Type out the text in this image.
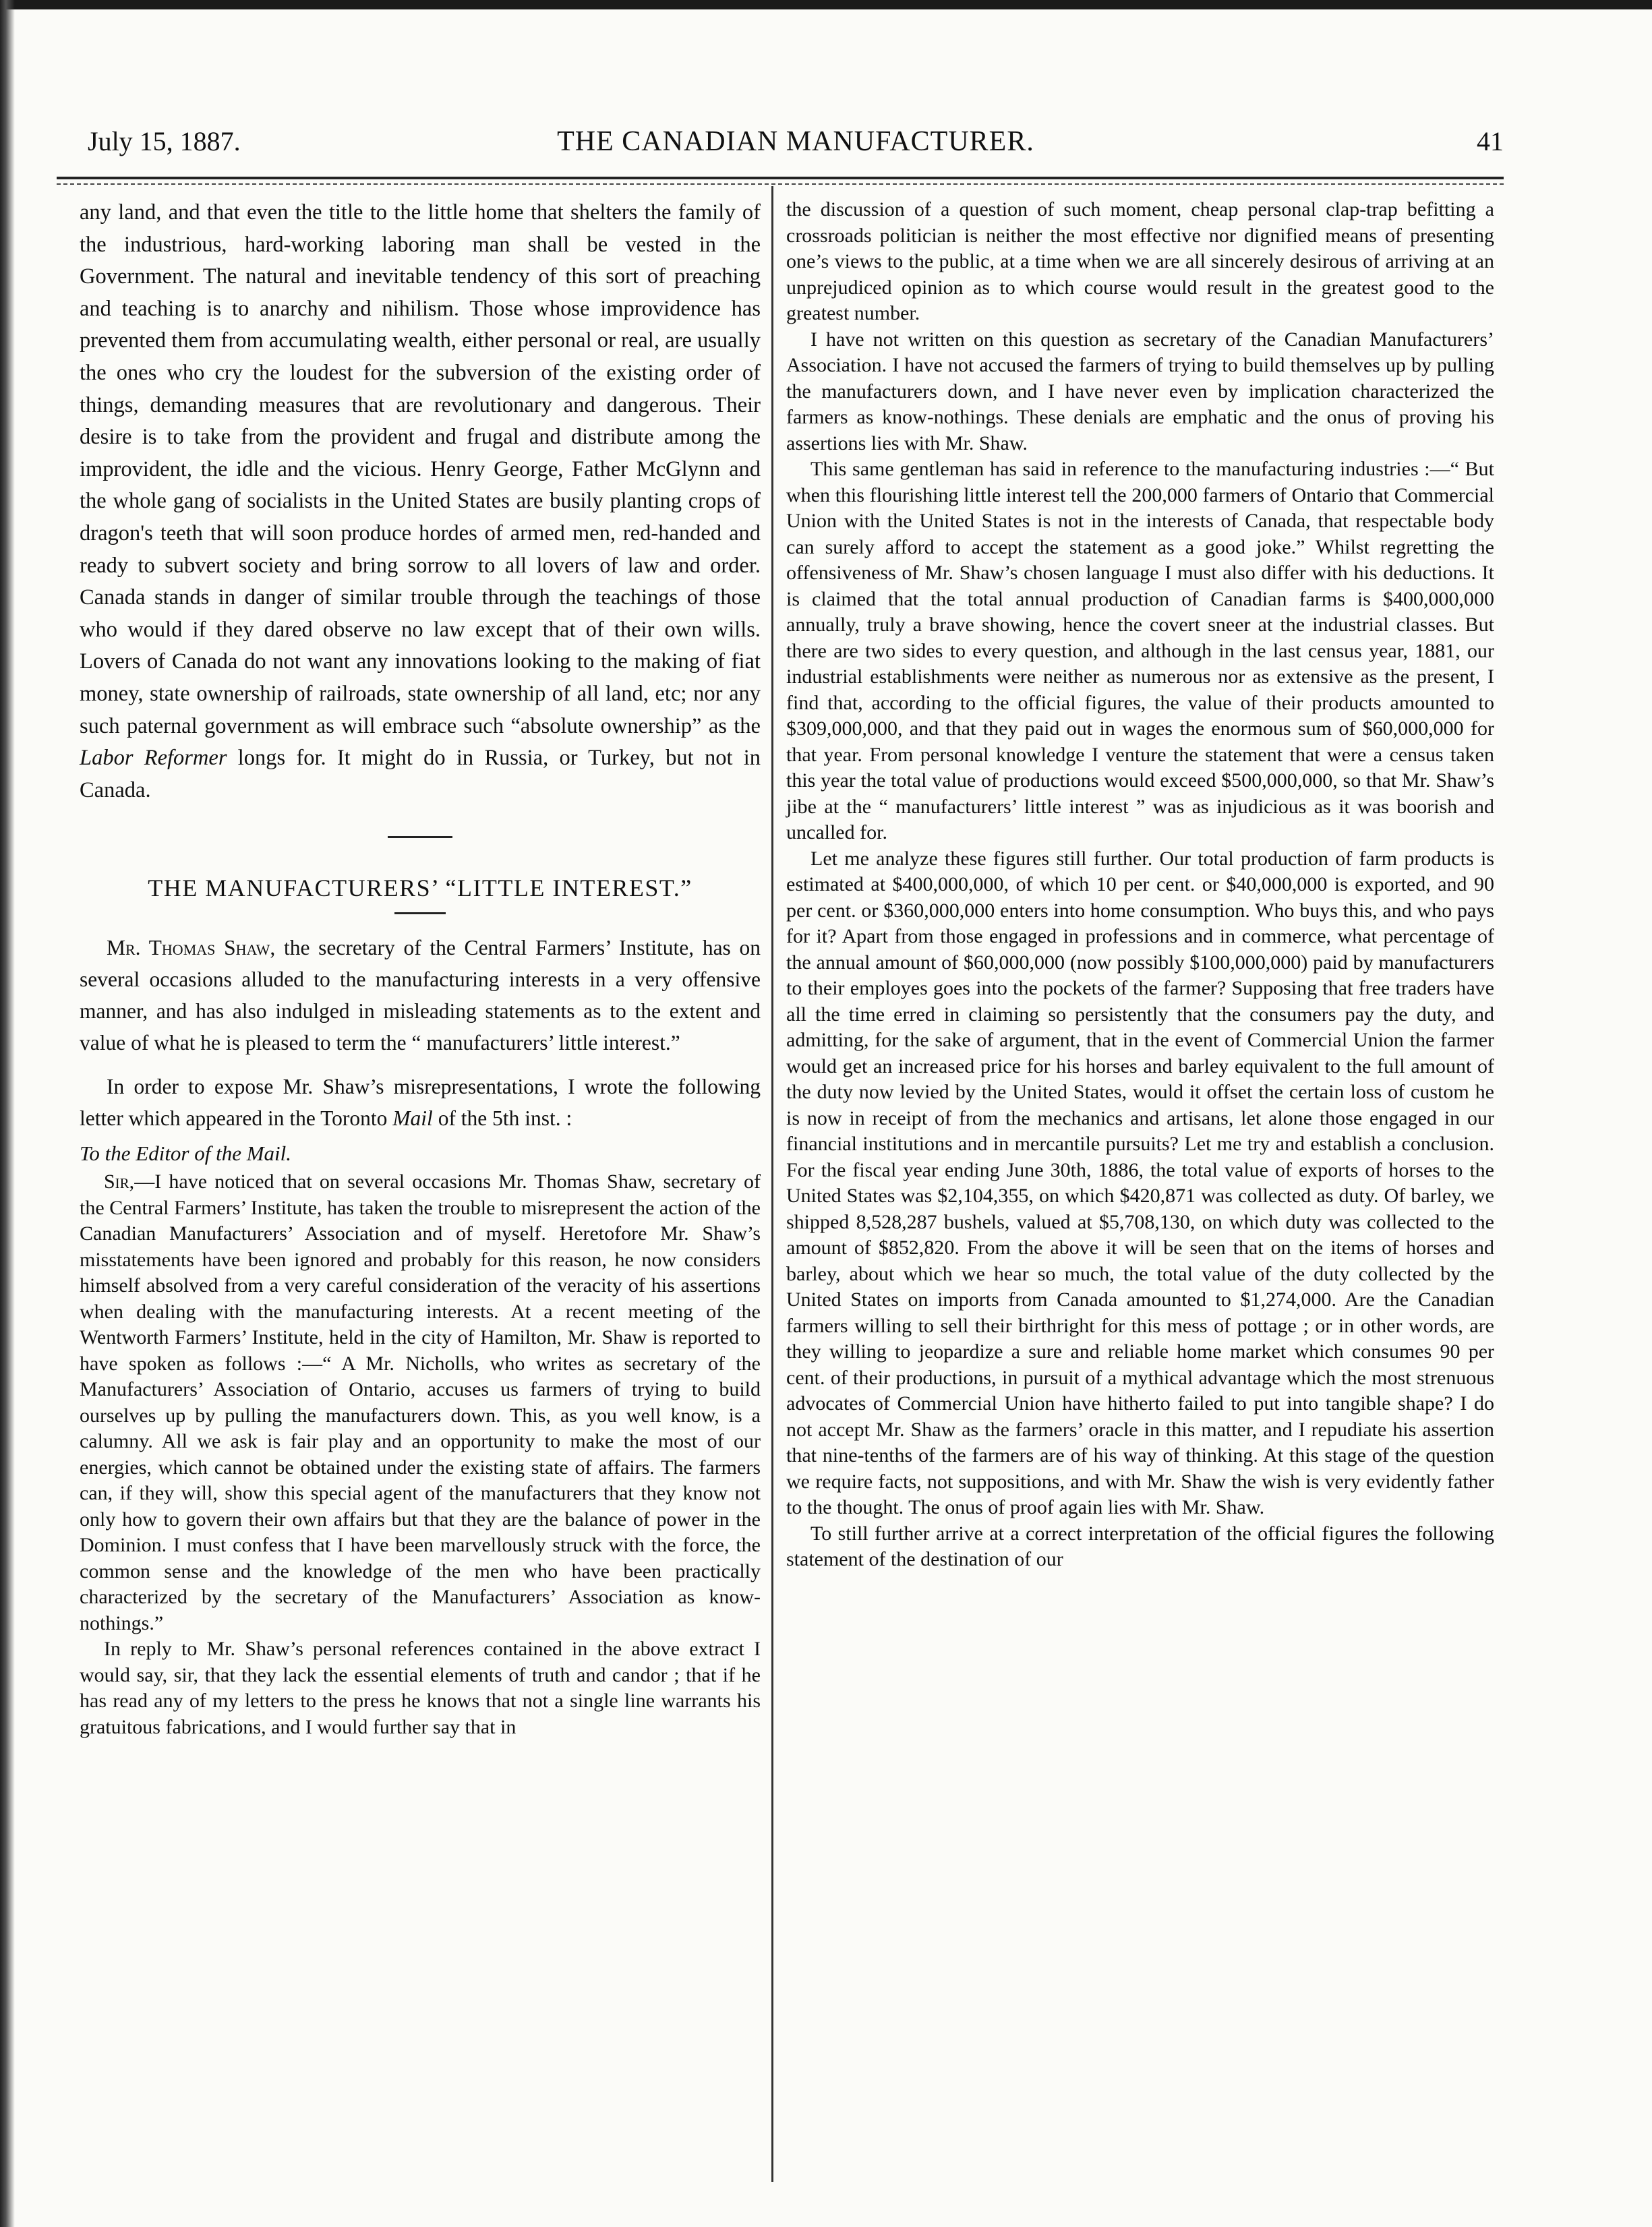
July 15, 1887.	THE CANADIAN MANUFACTURER.	41

any land, and that even the title to the little home that shelters the family of the industrious, hard-working laboring man shall be vested in the Government. The natural and inevitable tendency of this sort of preaching and teaching is to anarchy and nihilism. Those whose improvidence has prevented them from accumulating wealth, either personal or real, are usually the ones who cry the loudest for the subversion of the existing order of things, demanding measures that are revolutionary and dangerous. Their desire is to take from the provident and frugal and distribute among the improvident, the idle and the vicious. Henry George, Father McGlynn and the whole gang of socialists in the United States are busily planting crops of dragon's teeth that will soon produce hordes of armed men, red-handed and ready to subvert society and bring sorrow to all lovers of law and order. Canada stands in danger of similar trouble through the teachings of those who would if they dared observe no law except that of their own wills. Lovers of Canada do not want any innovations looking to the making of fiat money, state ownership of railroads, state ownership of all land, etc; nor any such paternal government as will embrace such “absolute ownership” as the Labor Reformer longs for. It might do in Russia, or Turkey, but not in Canada.

THE MANUFACTURERS’ “LITTLE INTEREST.”

Mr. Thomas Shaw, the secretary of the Central Farmers’ Institute, has on several occasions alluded to the manufacturing interests in a very offensive manner, and has also indulged in misleading statements as to the extent and value of what he is pleased to term the “ manufacturers’ little interest.”

In order to expose Mr. Shaw’s misrepresentations, I wrote the following letter which appeared in the Toronto Mail of the 5th inst. :

To the Editor of the Mail.

Sir,—I have noticed that on several occasions Mr. Thomas Shaw, secretary of the Central Farmers’ Institute, has taken the trouble to misrepresent the action of the Canadian Manufacturers’ Association and of myself. Heretofore Mr. Shaw’s misstatements have been ignored and probably for this reason, he now considers himself absolved from a very careful consideration of the veracity of his assertions when dealing with the manufacturing interests. At a recent meeting of the Wentworth Farmers’ Institute, held in the city of Hamilton, Mr. Shaw is reported to have spoken as follows :—“ A Mr. Nicholls, who writes as secretary of the Manufacturers’ Association of Ontario, accuses us farmers of trying to build ourselves up by pulling the manufacturers down. This, as you well know, is a calumny. All we ask is fair play and an opportunity to make the most of our energies, which cannot be obtained under the existing state of affairs. The farmers can, if they will, show this special agent of the manufacturers that they know not only how to govern their own affairs but that they are the balance of power in the Dominion. I must confess that I have been marvellously struck with the force, the common sense and the knowledge of the men who have been practically characterized by the secretary of the Manufacturers’ Association as know-nothings.”

In reply to Mr. Shaw’s personal references contained in the above extract I would say, sir, that they lack the essential elements of truth and candor ; that if he has read any of my letters to the press he knows that not a single line warrants his gratuitous fabrications, and I would further say that in

the discussion of a question of such moment, cheap personal clap-trap befitting a crossroads politician is neither the most effective nor dignified means of presenting one’s views to the public, at a time when we are all sincerely desirous of arriving at an unprejudiced opinion as to which course would result in the greatest good to the greatest number.

I have not written on this question as secretary of the Canadian Manufacturers’ Association. I have not accused the farmers of trying to build themselves up by pulling the manufacturers down, and I have never even by implication characterized the farmers as know-nothings. These denials are emphatic and the onus of proving his assertions lies with Mr. Shaw.

This same gentleman has said in reference to the manufacturing industries :—“ But when this flourishing little interest tell the 200,000 farmers of Ontario that Commercial Union with the United States is not in the interests of Canada, that respectable body can surely afford to accept the statement as a good joke.” Whilst regretting the offensiveness of Mr. Shaw’s chosen language I must also differ with his deductions. It is claimed that the total annual production of Canadian farms is $400,000,000 annually, truly a brave showing, hence the covert sneer at the industrial classes. But there are two sides to every question, and although in the last census year, 1881, our industrial establishments were neither as numerous nor as extensive as the present, I find that, according to the official figures, the value of their products amounted to $309,000,000, and that they paid out in wages the enormous sum of $60,000,000 for that year. From personal knowledge I venture the statement that were a census taken this year the total value of productions would exceed $500,000,000, so that Mr. Shaw’s jibe at the “ manufacturers’ little interest ” was as injudicious as it was boorish and uncalled for.

Let me analyze these figures still further. Our total production of farm products is estimated at $400,000,000, of which 10 per cent. or $40,000,000 is exported, and 90 per cent. or $360,000,000 enters into home consumption. Who buys this, and who pays for it? Apart from those engaged in professions and in commerce, what percentage of the annual amount of $60,000,000 (now possibly $100,000,000) paid by manufacturers to their employes goes into the pockets of the farmer? Supposing that free traders have all the time erred in claiming so persistently that the consumers pay the duty, and admitting, for the sake of argument, that in the event of Commercial Union the farmer would get an increased price for his horses and barley equivalent to the full amount of the duty now levied by the United States, would it offset the certain loss of custom he is now in receipt of from the mechanics and artisans, let alone those engaged in our financial institutions and in mercantile pursuits? Let me try and establish a conclusion. For the fiscal year ending June 30th, 1886, the total value of exports of horses to the United States was $2,104,355, on which $420,871 was collected as duty. Of barley, we shipped 8,528,287 bushels, valued at $5,708,130, on which duty was collected to the amount of $852,820. From the above it will be seen that on the items of horses and barley, about which we hear so much, the total value of the duty collected by the United States on imports from Canada amounted to $1,274,000. Are the Canadian farmers willing to sell their birthright for this mess of pottage ; or in other words, are they willing to jeopardize a sure and reliable home market which consumes 90 per cent. of their productions, in pursuit of a mythical advantage which the most strenuous advocates of Commercial Union have hitherto failed to put into tangible shape? I do not accept Mr. Shaw as the farmers’ oracle in this matter, and I repudiate his assertion that nine-tenths of the farmers are of his way of thinking. At this stage of the question we require facts, not suppositions, and with Mr. Shaw the wish is very evidently father to the thought. The onus of proof again lies with Mr. Shaw.

To still further arrive at a correct interpretation of the official figures the following statement of the destination of our
